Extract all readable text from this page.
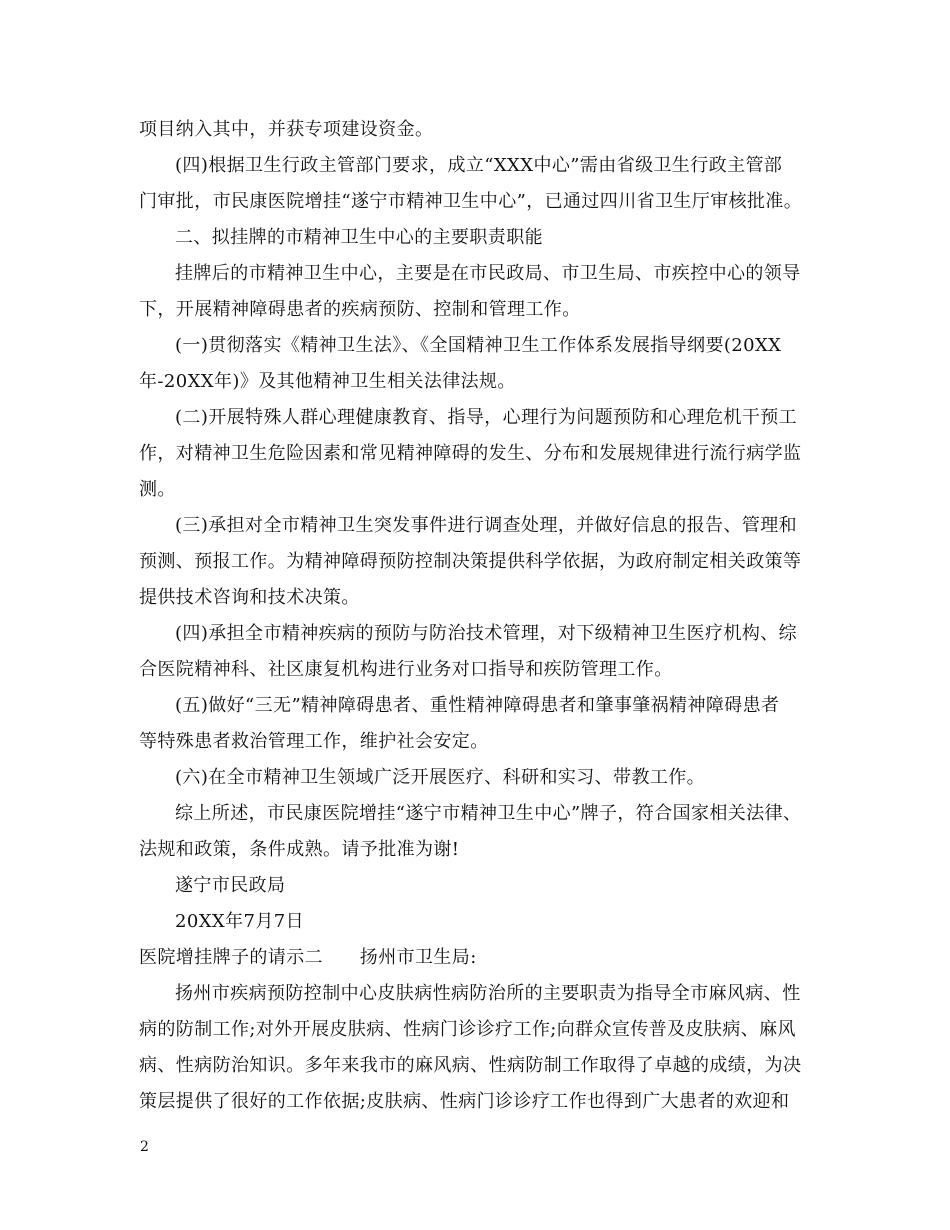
项目纳入其中，并获专项建设资金。
(四)根据卫生行政主管部门要求，成立“XXX中心”需由省级卫生行政主管部
门审批，市民康医院增挂“遂宁市精神卫生中心”，已通过四川省卫生厅审核批准。
二、拟挂牌的市精神卫生中心的主要职责职能
挂牌后的市精神卫生中心，主要是在市民政局、市卫生局、市疾控中心的领导
下，开展精神障碍患者的疾病预防、控制和管理工作。
(一)贯彻落实《精神卫生法》、《全国精神卫生工作体系发展指导纲要(20XX
年-20XX年)》及其他精神卫生相关法律法规。
(二)开展特殊人群心理健康教育、指导，心理行为问题预防和心理危机干预工
作，对精神卫生危险因素和常见精神障碍的发生、分布和发展规律进行流行病学监
测。
(三)承担对全市精神卫生突发事件进行调查处理，并做好信息的报告、管理和
预测、预报工作。为精神障碍预防控制决策提供科学依据，为政府制定相关政策等
提供技术咨询和技术决策。
(四)承担全市精神疾病的预防与防治技术管理，对下级精神卫生医疗机构、综
合医院精神科、社区康复机构进行业务对口指导和疾防管理工作。
(五)做好“三无”精神障碍患者、重性精神障碍患者和肇事肇祸精神障碍患者
等特殊患者救治管理工作，维护社会安定。
(六)在全市精神卫生领域广泛开展医疗、科研和实习、带教工作。
综上所述，市民康医院增挂“遂宁市精神卫生中心”牌子，符合国家相关法律、
法规和政策，条件成熟。请予批准为谢!
遂宁市民政局
20XX年7月7日
医院增挂牌子的请示二　　扬州市卫生局:
扬州市疾病预防控制中心皮肤病性病防治所的主要职责为指导全市麻风病、性
病的防制工作;对外开展皮肤病、性病门诊诊疗工作;向群众宣传普及皮肤病、麻风
病、性病防治知识。多年来我市的麻风病、性病防制工作取得了卓越的成绩，为决
策层提供了很好的工作依据;皮肤病、性病门诊诊疗工作也得到广大患者的欢迎和
2
